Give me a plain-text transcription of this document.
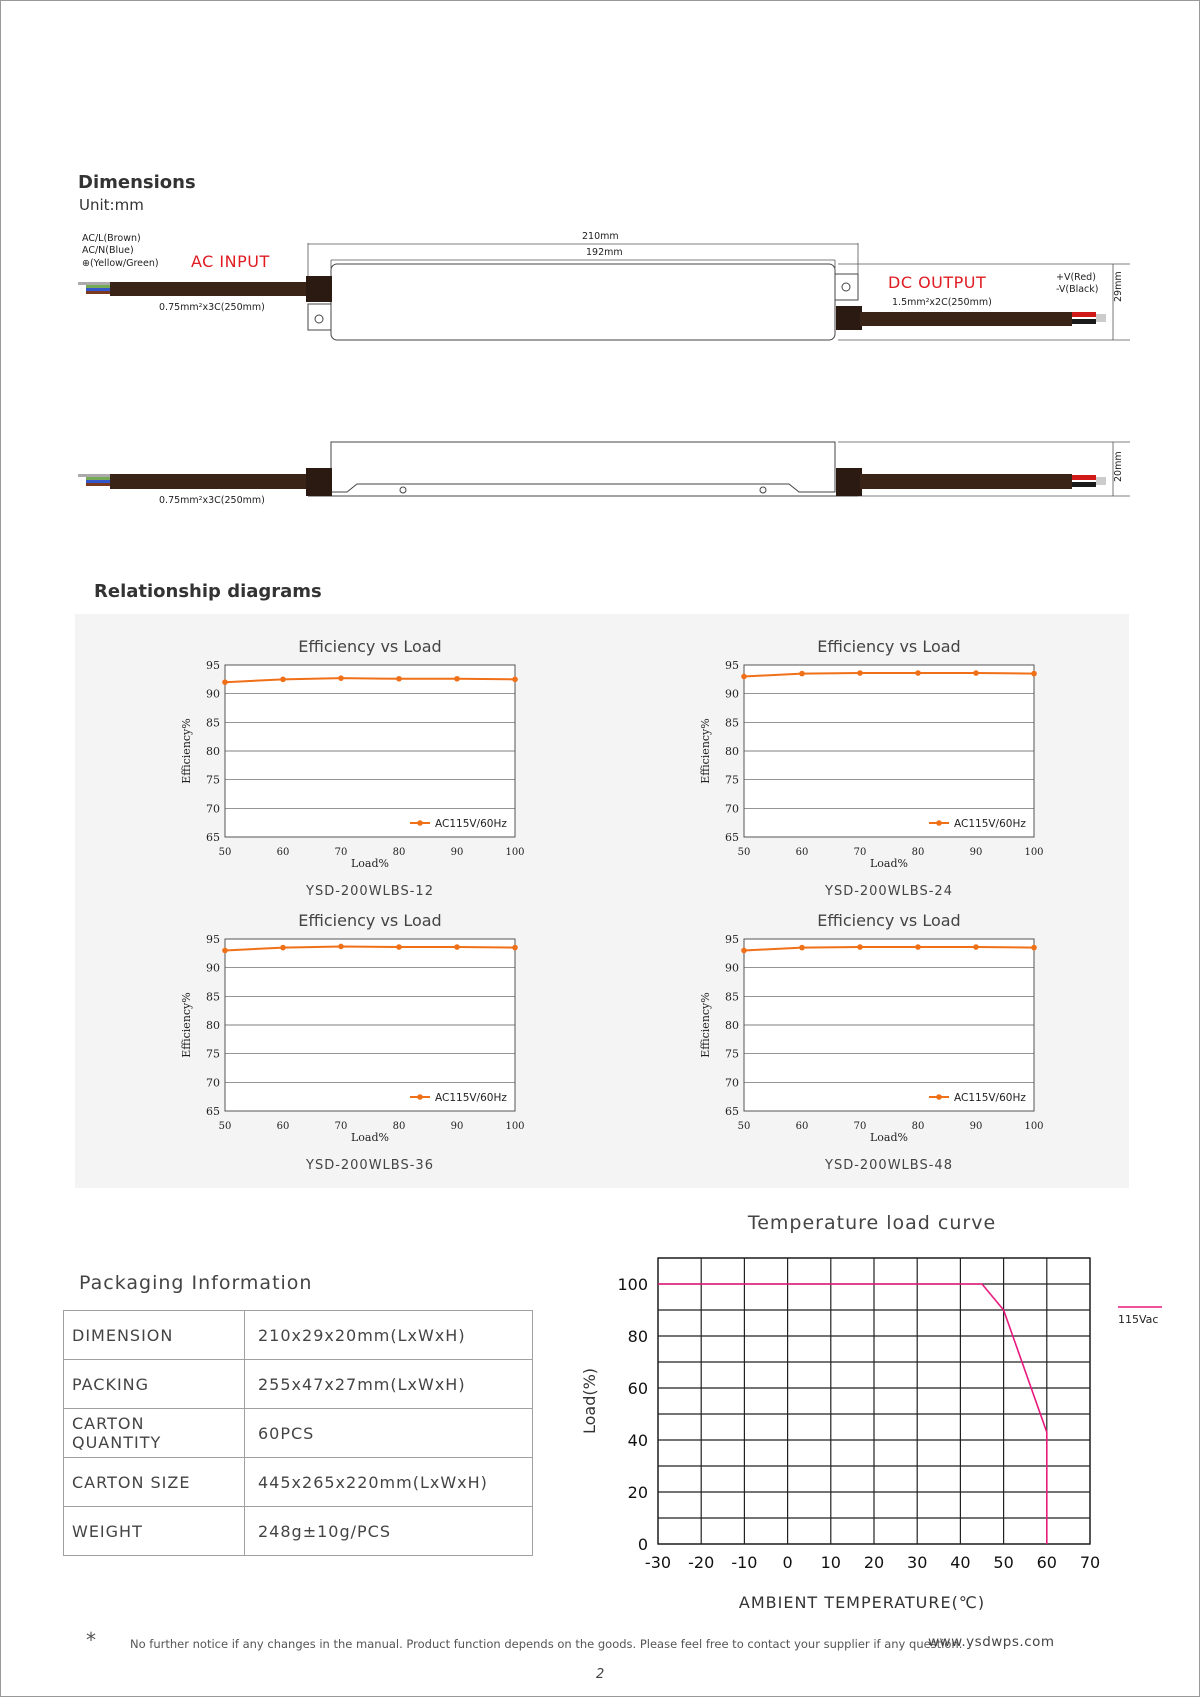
Dimensions
Unit:mm
AC/L(Brown)
AC/N(Blue)
⊕(Yellow/Green) AC INPUT
DC OUTPUT	+V(Red)
-V(Black)
210mm
192mm
0.75mm²x3C(250mm)	1.5mm²x2C(250mm)
0.75mm²x3C(250mm)
29mm
20mm
Relationship diagrams
Efficiency vs Load
65
70
75
80
85
90
95
50	60	70	80	90	100
Load%
Efficiency%
AC115V/60Hz
YSD-200WLBS-12
Efficiency vs Load
65
70
75
80
85
90
95
50	60	70	80	90	100
Load%
Efficiency%
AC115V/60Hz
YSD-200WLBS-24
Efficiency vs Load
65
70
75
80
85
90
95
50	60	70	80	90	100
Load%
Efficiency%
AC115V/60Hz
YSD-200WLBS-36
Efficiency vs Load
65
70
75
80
85
90
95
50	60	70	80	90	100
Load%
Efficiency%
AC115V/60Hz
YSD-200WLBS-48
Temperature load curve
-30 -20 -10 0 10 20 30 40 50 60 70
0
20
40
60
80
100
AMBIENT TEMPERATURE(℃)
Load(%)
115Vac
Packaging Information
DIMENSION	210x29x20mm(LxWxH)
PACKING	255x47x27mm(LxWxH)
CARTON QUANTITY	60PCS
CARTON SIZE	445x265x220mm(LxWxH)
WEIGHT	248g±10g/PCS
*	No further notice if any changes in the manual. Product function depends on the goods. Please feel free to contact your supplier if any question.
www.ysdwps.com
2
